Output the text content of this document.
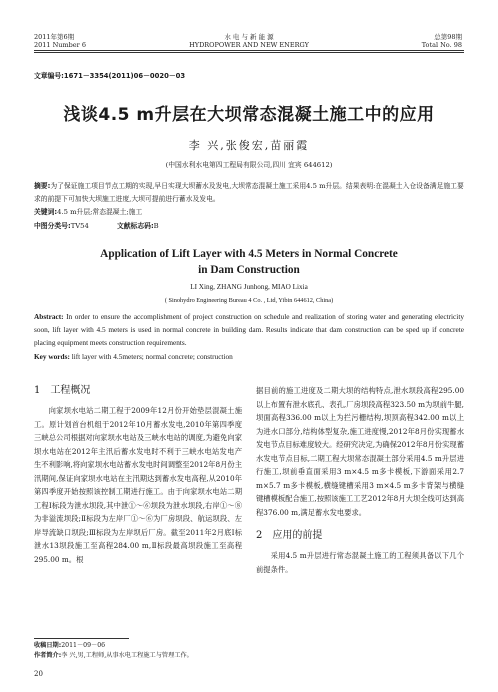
2011年第6期
2011 Number 6
水 电 与 新 能 源
HYDROPOWER AND NEW ENERGY
总第98期
Total No. 98
文章编号:1671－3354(2011)06－0020－03
浅谈4.5 m升层在大坝常态混凝土施工中的应用
李 兴,张俊宏,苗丽霞
(中国水利水电第四工程局有限公司,四川 宜宾 644612)
摘要:为了保证施工项目节点工期的实现,早日实现大坝蓄水及发电,大坝常态混凝土施工采用4.5 m升层。结果表明:在混凝土入仓设备满足施工要求的前提下可加快大坝施工进度,大坝可提前进行蓄水及发电。
关键词:4.5 m升层;常态混凝土;施工
中图分类号:TV54	文献标志码:B
Application of Lift Layer with 4.5 Meters in Normal Concrete
in Dam Construction
LI Xing, ZHANG Junhong, MIAO Lixia
( Sinohydro Engineering Bureau 4 Co. , Ltd, Yibin 644612, China)
Abstract: In order to ensure the accomplishment of project construction on schedule and realization of storing water and generating electricity soon, lift layer with 4.5 meters is used in normal concrete in building dam. Results indicate that dam construction can be sped up if concrete placing equipment meets construction requirements.
Key words: lift layer with 4.5meters; normal concrete; construction

1 工程概况

向家坝水电站二期工程于2009年12月份开始垫层混凝土施工。原计划首台机组于2012年10月蓄水发电,2010年第四季度三峡总公司根据对向家坝水电站及三峡水电站的调度,为避免向家坝水电站在2012年主汛后蓄水发电时不利于三峡水电站发电产生不利影响,将向家坝水电站蓄水发电时间调整至2012年8月份主汛期间,保证向家坝水电站在主汛期达到蓄水发电高程,从2010年第四季度开始按照该控制工期进行施工。由于向家坝水电站二期工程Ⅰ标段为泄水坝段,其中泄①～⑥坝段为泄水坝段,右岸①～⑧为非溢流坝段;Ⅱ标段为左岸厂①～⑥为厂房坝段、航运坝段、左岸导流缺口坝段;Ⅲ标段为左岸坝后厂房。截至2011年2月底Ⅰ标泄水13坝段施工至高程284.00 m,Ⅱ标段最高坝段施工至高程295.00 m。根

据目前的施工进度及二期大坝的结构特点,泄水坝段高程295.00以上布置有泄水底孔、表孔,厂房坝段高程323.50 m为坝前牛腿,坝面高程336.00 m以上为拦污栅结构,坝顶高程342.00 m以上为进水口部分,结构体型复杂,施工进度慢,2012年8月份实现蓄水发电节点目标难度较大。经研究决定,为确保2012年8月份实现蓄水发电节点目标,二期工程大坝常态混凝土部分采用4.5 m升层进行施工,坝前垂直面采用3 m×4.5 m多卡模板,下游面采用2.7 m×5.7 m多卡模板,横缝键槽采用3 m×4.5 m多卡背架与横缝键槽模板配合施工,按照该施工工艺2012年8月大坝全线可达到高程376.00 m,满足蓄水发电要求。

2 应用的前提

采用4.5 m升层进行常态混凝土施工的工程须具备以下几个前提条件。

收稿日期:2011－09－06
作者简介:李 兴,男,工程师,从事水电工程施工与管理工作。
20
